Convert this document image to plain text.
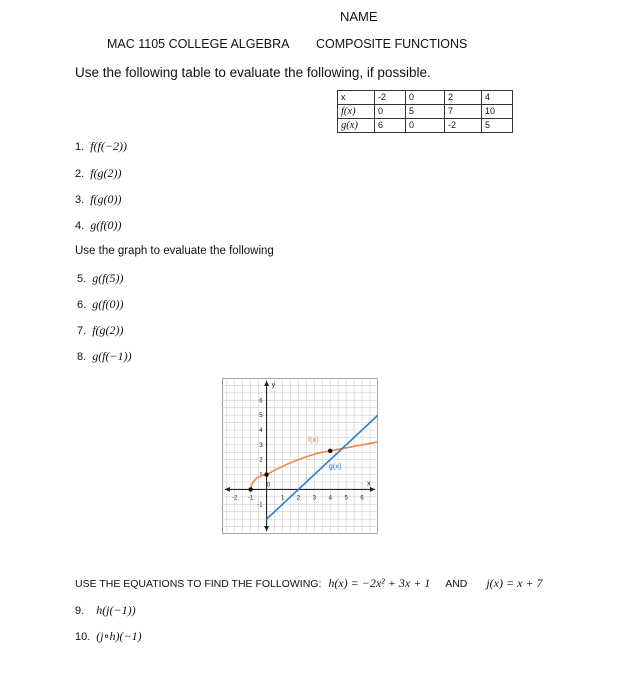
NAME
MAC 1105 COLLEGE ALGEBRA COMPOSITE FUNCTIONS
Use the following table to evaluate the following, if possible.
x	-2	0	2	4
f(x)	0	5	7	10
g(x)	6	0	-2	5
1. f(f(−2))
2. f(g(2))
3. f(g(0))
4. g(f(0))
Use the graph to evaluate the following
5. g(f(5))
6. g(f(0))
7. f(g(2))
8. g(f(−1))
y
x
-2 -1
0
1 2 3 4 5 6
1
2
3
4
5
6
-1
f(x)
g(x)
USE THE EQUATIONS TO FIND THE FOLLOWING: h(x) = −2x² + 3x + 1 AND j(x) = x + 7
9. h(j(−1))
10. (j∘h)(−1)
